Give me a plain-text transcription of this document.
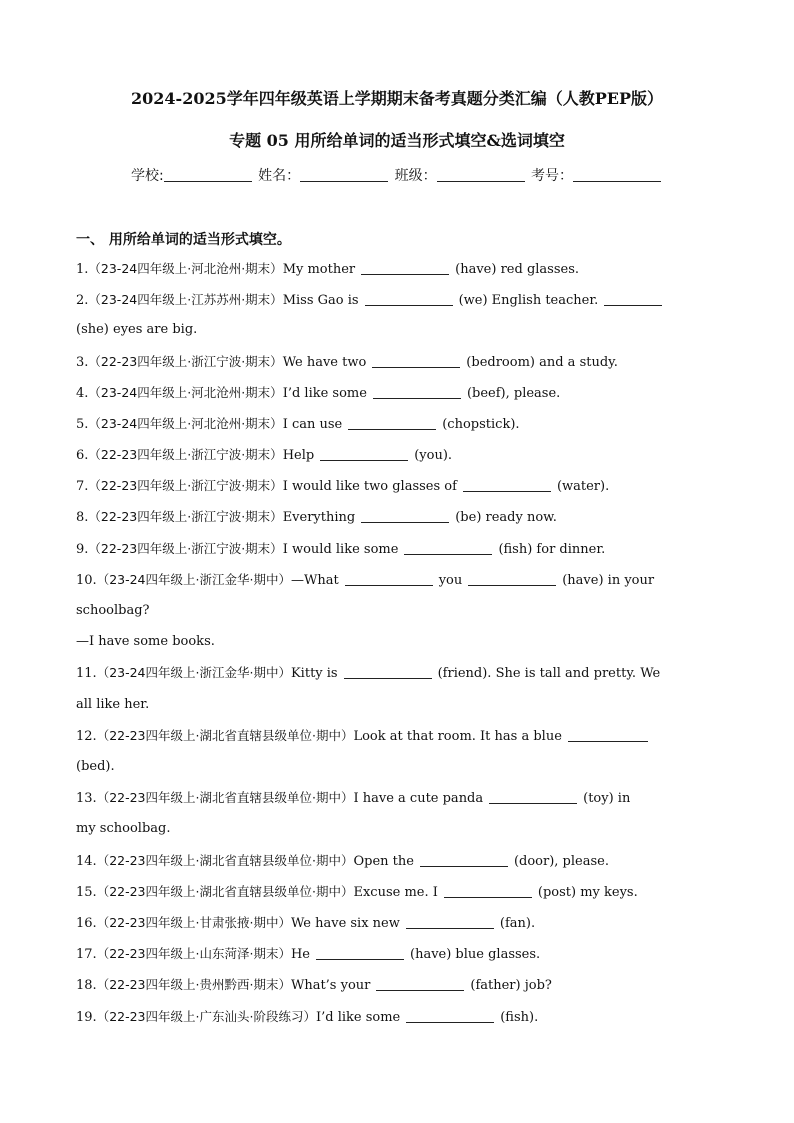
2024-2025学年四年级英语上学期期末备考真题分类汇编（人教PEP版）
专题 05 用所给单词的适当形式填空&选词填空
学校:	姓名：	班级：	考号：
一、 用所给单词的适当形式填空。
1.（23-24四年级上·河北沧州·期末）My mother	(have) red glasses.
2.（23-24四年级上·江苏苏州·期末）Miss Gao is	(we) English teacher.
(she) eyes are big.
3.（22-23四年级上·浙江宁波·期末）We have two	(bedroom) and a study.
4.（23-24四年级上·河北沧州·期末）I’d like some	(beef), please.
5.（23-24四年级上·河北沧州·期末）I can use	(chopstick).
6.（22-23四年级上·浙江宁波·期末）Help	(you).
7.（22-23四年级上·浙江宁波·期末）I would like two glasses of	(water).
8.（22-23四年级上·浙江宁波·期末）Everything	(be) ready now.
9.（22-23四年级上·浙江宁波·期末）I would like some	(fish) for dinner.
10.（23-24四年级上·浙江金华·期中）—What	you	(have) in your
schoolbag?
—I have some books.
11.（23-24四年级上·浙江金华·期中）Kitty is	(friend). She is tall and pretty. We
all like her.
12.（22-23四年级上·湖北省直辖县级单位·期中）Look at that room. It has a blue
(bed).
13.（22-23四年级上·湖北省直辖县级单位·期中）I have a cute panda	(toy) in
my schoolbag.
14.（22-23四年级上·湖北省直辖县级单位·期中）Open the	(door), please.
15.（22-23四年级上·湖北省直辖县级单位·期中）Excuse me. I	(post) my keys.
16.（22-23四年级上·甘肃张掖·期中）We have six new	(fan).
17.（22-23四年级上·山东菏泽·期末）He	(have) blue glasses.
18.（22-23四年级上·贵州黔西·期末）What’s your	(father) job?
19.（22-23四年级上·广东汕头·阶段练习）I’d like some	(fish).
